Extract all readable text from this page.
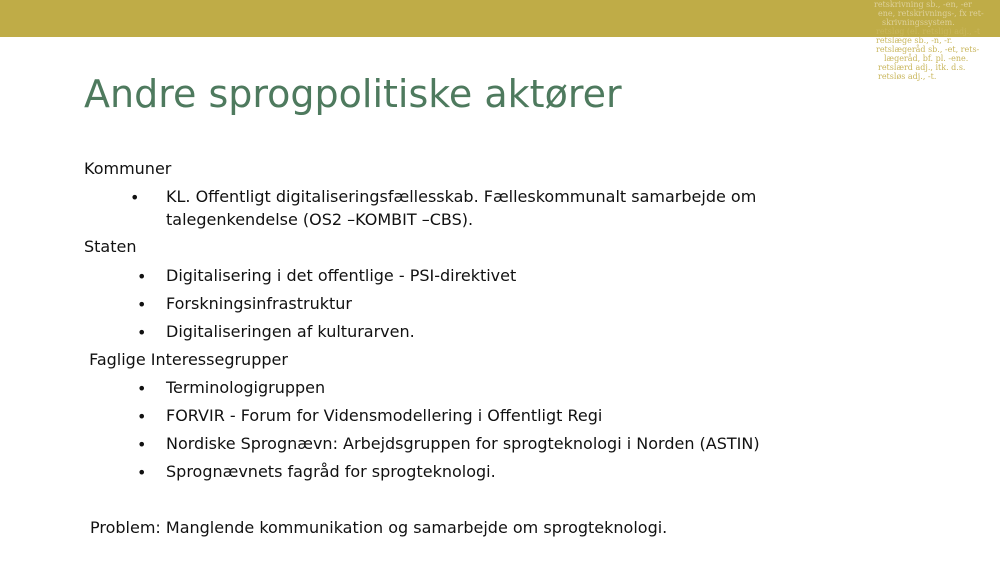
retskrivning sb., -en, -er
ene, retskrivnings-, fx ret-
skrivningssystem.
retsløg (el. retslig) adj., -t
retslæge sb., -n, -r.
retslægeråd sb., -et, rets-
lægeråd, bf. pl. -ene.
retslærd adj., itk. d.s.
retsløs adj., -t.
Andre sprogpolitiske aktører
Kommuner
• KL. Offentligt digitaliseringsfællesskab. Fælleskommunalt samarbejde om
talegenkendelse (OS2 –KOMBIT –CBS).
Staten
• Digitalisering i det offentlige - PSI-direktivet
• Forskningsinfrastruktur
• Digitaliseringen af kulturarven.
Faglige Interessegrupper
• Terminologigruppen
• FORVIR - Forum for Vidensmodellering i Offentligt Regi
• Nordiske Sprognævn: Arbejdsgruppen for sprogteknologi i Norden (ASTIN)
• Sprognævnets fagråd for sprogteknologi.
Problem: Manglende kommunikation og samarbejde om sprogteknologi.
